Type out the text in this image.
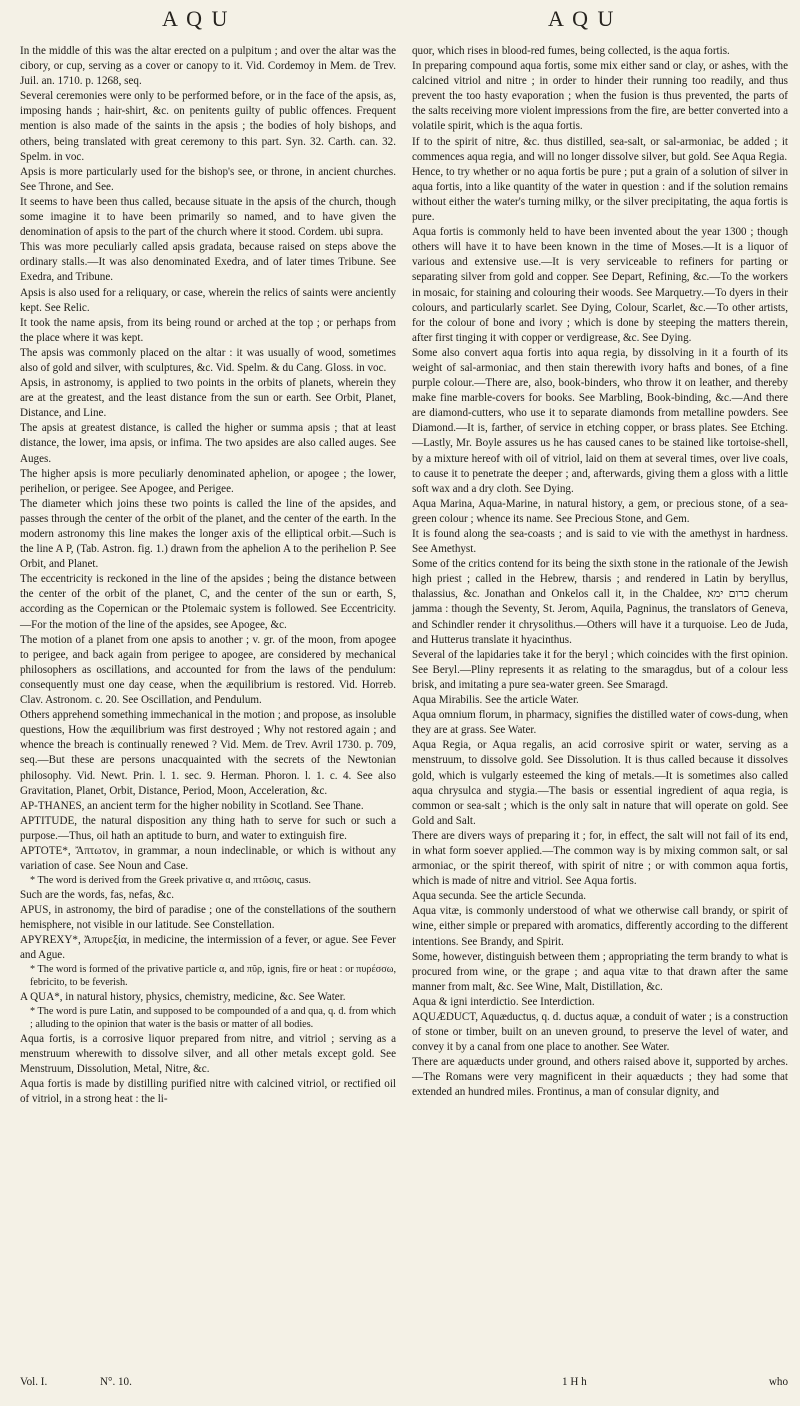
A Q U	A Q U

In the middle of this was the altar erected on a pulpitum ; and over the altar was the cibory, or cup, serving as a cover or canopy to it. Vid. Cordemoy in Mem. de Trev. Juil. an. 1710. p. 1268, seq.

Several ceremonies were only to be performed before, or in the face of the apsis, as, imposing hands ; hair-shirt, &c. on penitents guilty of public offences. Frequent mention is also made of the saints in the apsis ; the bodies of holy bishops, and others, being translated with great ceremony to this part. Syn. 32. Carth. can. 32. Spelm. in voc.

Apsis is more particularly used for the bishop's see, or throne, in ancient churches. See Throne, and See.

It seems to have been thus called, because situate in the apsis of the church, though some imagine it to have been primarily so named, and to have given the denomination of apsis to the part of the church where it stood. Cordem. ubi supra.

This was more peculiarly called apsis gradata, because raised on steps above the ordinary stalls.—It was also denominated Exedra, and of later times Tribune. See Exedra, and Tribune.

Apsis is also used for a reliquary, or case, wherein the relics of saints were anciently kept. See Relic.

It took the name apsis, from its being round or arched at the top ; or perhaps from the place where it was kept.

The apsis was commonly placed on the altar : it was usually of wood, sometimes also of gold and silver, with sculptures, &c. Vid. Spelm. & du Cang. Gloss. in voc.

Apsis, in astronomy, is applied to two points in the orbits of planets, wherein they are at the greatest, and the least distance from the sun or earth. See Orbit, Planet, Distance, and Line.

The apsis at greatest distance, is called the higher or summa apsis ; that at least distance, the lower, ima apsis, or infima. The two apsides are also called auges. See Auges.

The higher apsis is more peculiarly denominated aphelion, or apogee ; the lower, perihelion, or perigee. See Apogee, and Perigee.

The diameter which joins these two points is called the line of the apsides, and passes through the center of the orbit of the planet, and the center of the earth. In the modern astronomy this line makes the longer axis of the elliptical orbit.—Such is the line A P, (Tab. Astron. fig. 1.) drawn from the aphelion A to the perihelion P. See Orbit, and Planet.

The eccentricity is reckoned in the line of the apsides ; being the distance between the center of the orbit of the planet, C, and the center of the sun or earth, S, according as the Copernican or the Ptolemaic system is followed. See Eccentricity.—For the motion of the line of the apsides, see Apogee, &c.

The motion of a planet from one apsis to another ; v. gr. of the moon, from apogee to perigee, and back again from perigee to apogee, are considered by mechanical philosophers as oscillations, and accounted for from the laws of the pendulum: consequently must one day cease, when the æquilibrium is restored. Vid. Horreb. Clav. Astronom. c. 20. See Oscillation, and Pendulum.

Others apprehend something immechanical in the motion ; and propose, as insoluble questions, How the æquilibrium was first destroyed ; Why not restored again ; and whence the breach is continually renewed ? Vid. Mem. de Trev. Avril 1730. p. 709, seq.—But these are persons unacquainted with the secrets of the Newtonian philosophy. Vid. Newt. Prin. l. 1. sec. 9. Herman. Phoron. l. 1. c. 4. See also Gravitation, Planet, Orbit, Distance, Period, Moon, Acceleration, &c.

AP-THANES, an ancient term for the higher nobility in Scotland. See Thane.

APTITUDE, the natural disposition any thing hath to serve for such or such a purpose.—Thus, oil hath an aptitude to burn, and water to extinguish fire.

APTOTE*, Ἄπτωτον, in grammar, a noun indeclinable, or which is without any variation of case. See Noun and Case.

* The word is derived from the Greek privative α, and πτῶσις, casus.

Such are the words, fas, nefas, &c.

APUS, in astronomy, the bird of paradise ; one of the constellations of the southern hemisphere, not visible in our latitude. See Constellation.

APYREXY*, Ἀπυρεξία, in medicine, the intermission of a fever, or ague. See Fever and Ague.

* The word is formed of the privative particle α, and πῦρ, ignis, fire or heat : or πυρέσσω, febricito, to be feverish.

A QUA*, in natural history, physics, chemistry, medicine, &c. See Water.

* The word is pure Latin, and supposed to be compounded of a and qua, q. d. from which ; alluding to the opinion that water is the basis or matter of all bodies.

Aqua fortis, is a corrosive liquor prepared from nitre, and vitriol ; serving as a menstruum wherewith to dissolve silver, and all other metals except gold. See Menstruum, Dissolution, Metal, Nitre, &c.

Aqua fortis is made by distilling purified nitre with calcined vitriol, or rectified oil of vitriol, in a strong heat : the li-

quor, which rises in blood-red fumes, being collected, is the aqua fortis.

In preparing compound aqua fortis, some mix either sand or clay, or ashes, with the calcined vitriol and nitre ; in order to hinder their running too readily, and thus prevent the too hasty evaporation ; when the fusion is thus prevented, the parts of the salts receiving more violent impressions from the fire, are better converted into a volatile spirit, which is the aqua fortis.

If to the spirit of nitre, &c. thus distilled, sea-salt, or sal-armoniac, be added ; it commences aqua regia, and will no longer dissolve silver, but gold. See Aqua Regia.

Hence, to try whether or no aqua fortis be pure ; put a grain of a solution of silver in aqua fortis, into a like quantity of the water in question : and if the solution remains without either the water's turning milky, or the silver precipitating, the aqua fortis is pure.

Aqua fortis is commonly held to have been invented about the year 1300 ; though others will have it to have been known in the time of Moses.—It is a liquor of various and extensive use.—It is very serviceable to refiners for parting or separating silver from gold and copper. See Depart, Refining, &c.—To the workers in mosaic, for staining and colouring their woods. See Marquetry.—To dyers in their colours, and particularly scarlet. See Dying, Colour, Scarlet, &c.—To other artists, for the colour of bone and ivory ; which is done by steeping the matters therein, after first tinging it with copper or verdigrease, &c. See Dying.

Some also convert aqua fortis into aqua regia, by dissolving in it a fourth of its weight of sal-armoniac, and then stain therewith ivory hafts and bones, of a fine purple colour.—There are, also, book-binders, who throw it on leather, and thereby make fine marble-covers for books. See Marbling, Book-binding, &c.—And there are diamond-cutters, who use it to separate diamonds from metalline powders. See Diamond.—It is, farther, of service in etching copper, or brass plates. See Etching.—Lastly, Mr. Boyle assures us he has caused canes to be stained like tortoise-shell, by a mixture hereof with oil of vitriol, laid on them at several times, over live coals, to cause it to penetrate the deeper ; and, afterwards, giving them a gloss with a little soft wax and a dry cloth. See Dying.

Aqua Marina, Aqua-Marine, in natural history, a gem, or precious stone, of a sea-green colour ; whence its name. See Precious Stone, and Gem.

It is found along the sea-coasts ; and is said to vie with the amethyst in hardness. See Amethyst.

Some of the critics contend for its being the sixth stone in the rationale of the Jewish high priest ; called in the Hebrew, tharsis ; and rendered in Latin by beryllus, thalassius, &c. Jonathan and Onkelos call it, in the Chaldee, כרום ימא cherum jamma : though the Seventy, St. Jerom, Aquila, Pagninus, the translators of Geneva, and Schindler render it chrysolithus.—Others will have it a turquoise. Leo de Juda, and Hutterus translate it hyacinthus.

Several of the lapidaries take it for the beryl ; which coincides with the first opinion. See Beryl.—Pliny represents it as relating to the smaragdus, but of a colour less brisk, and imitating a pure sea-water green. See Smaragd.

Aqua Mirabilis. See the article Water.

Aqua omnium florum, in pharmacy, signifies the distilled water of cows-dung, when they are at grass. See Water.

Aqua Regia, or Aqua regalis, an acid corrosive spirit or water, serving as a menstruum, to dissolve gold. See Dissolution. It is thus called because it dissolves gold, which is vulgarly esteemed the king of metals.—It is sometimes also called aqua chrysulca and stygia.—The basis or essential ingredient of aqua regia, is common or sea-salt ; which is the only salt in nature that will operate on gold. See Gold and Salt.

There are divers ways of preparing it ; for, in effect, the salt will not fail of its end, in what form soever applied.—The common way is by mixing common salt, or sal armoniac, or the spirit thereof, with spirit of nitre ; or with common aqua fortis, which is made of nitre and vitriol. See Aqua fortis.

Aqua secunda. See the article Secunda.

Aqua vitæ, is commonly understood of what we otherwise call brandy, or spirit of wine, either simple or prepared with aromatics, differently according to the different intentions. See Brandy, and Spirit.

Some, however, distinguish between them ; appropriating the term brandy to what is procured from wine, or the grape ; and aqua vitæ to that drawn after the same manner from malt, &c. See Wine, Malt, Distillation, &c.

Aqua & igni interdictio. See Interdiction.

AQUÆDUCT, Aquæductus, q. d. ductus aquæ, a conduit of water ; is a construction of stone or timber, built on an uneven ground, to preserve the level of water, and convey it by a canal from one place to another. See Water.

There are aquæducts under ground, and others raised above it, supported by arches.—The Romans were very magnificent in their aquæducts ; they had some that extended an hundred miles. Frontinus, a man of consular dignity, and

Vol. I.	N°. 10.	1 H h	who
